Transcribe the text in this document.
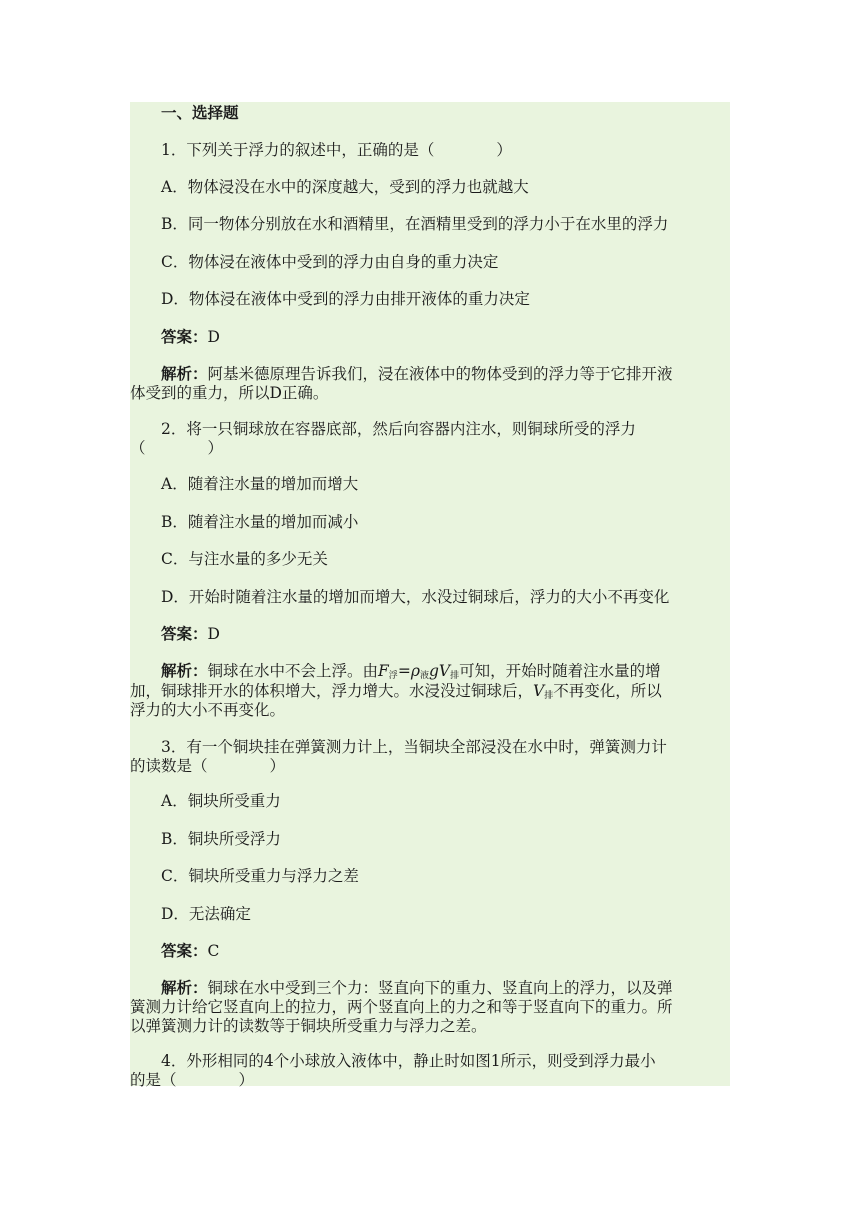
一、选择题
1．下列关于浮力的叙述中，正确的是（　　　　）
A．物体浸没在水中的深度越大，受到的浮力也就越大
B．同一物体分别放在水和酒精里，在酒精里受到的浮力小于在水里的浮力
C．物体浸在液体中受到的浮力由自身的重力决定
D．物体浸在液体中受到的浮力由排开液体的重力决定
答案：D
解析：阿基米德原理告诉我们，浸在液体中的物体受到的浮力等于它排开液
体受到的重力，所以D正确。
2．将一只铜球放在容器底部，然后向容器内注水，则铜球所受的浮力
（　　　　）
A．随着注水量的增加而增大
B．随着注水量的增加而减小
C．与注水量的多少无关
D．开始时随着注水量的增加而增大，水没过铜球后，浮力的大小不再变化
答案：D
解析：铜球在水中不会上浮。由$F_浮=\rho_液gV_排$可知，开始时随着注水量的增
加，铜球排开水的体积增大，浮力增大。水浸没过铜球后，$V_排$不再变化，所以
浮力的大小不再变化。
3．有一个铜块挂在弹簧测力计上，当铜块全部浸没在水中时，弹簧测力计
的读数是（　　　　）
A．铜块所受重力
B．铜块所受浮力
C．铜块所受重力与浮力之差
D．无法确定
答案：C
解析：铜球在水中受到三个力：竖直向下的重力、竖直向上的浮力，以及弹
簧测力计给它竖直向上的拉力，两个竖直向上的力之和等于竖直向下的重力。所
以弹簧测力计的读数等于铜块所受重力与浮力之差。
4．外形相同的4个小球放入液体中，静止时如图1所示，则受到浮力最小
的是（　　　　）
